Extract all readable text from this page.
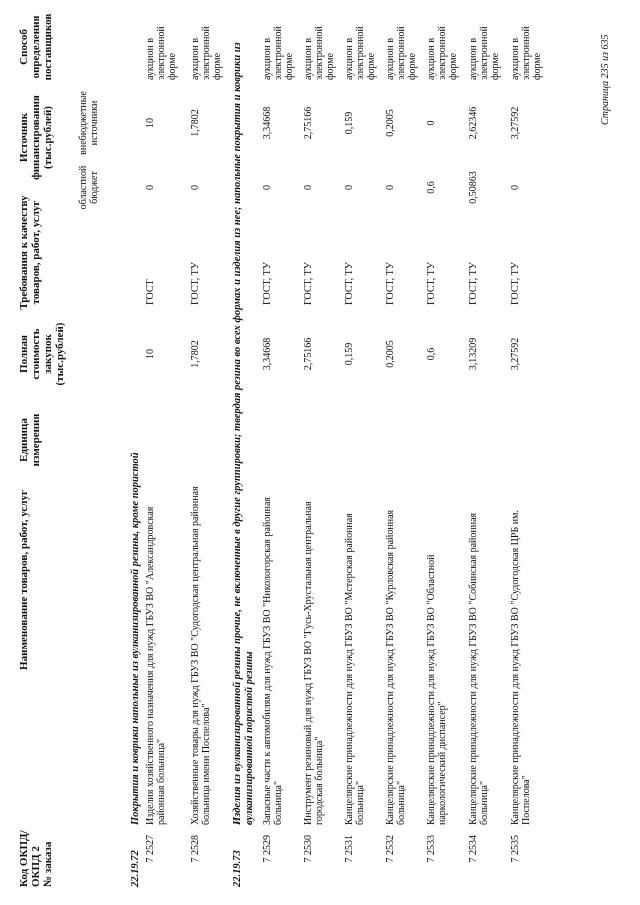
Код ОКПД/ ОКПД 2
№ заказа
Наименование товаров, работ, услуг
Единица измерения
Полная стоимость закупок (тыс.рублей)
Требования к качеству товаров, работ, услуг
Источник финансирования (тыс.рублей)
областной бюджет
внебюджетные источники
Способ определения поставщиков
22.19.72
Покрытия и коврики напольные из вулканизированной резины, кроме пористой
7 2527
Изделия хозяйственного назначения для нужд ГБУЗ ВО "Александровская районная больница"
10
ГОСТ
0
10
аукцион в электронной форме
7 2528
Хозяйственные товары для нужд ГБУЗ ВО "Судогодская центральная районная больница имени Поспелова"
1,7802
ГОСТ, ТУ
0
1,7802
аукцион в электронной форме
22.19.73
Изделия из вулканизированной резины прочие, не включенные в другие группировки; твердая резина во всех формах и изделия из нее; напольные покрытия и коврики из вулканизированной пористой резины
7 2529
Запасные части к автомобилям для нужд ГБУЗ ВО "Никологорская районная больница"
3,34668
ГОСТ, ТУ
0
3,34668
аукцион в электронной форме
7 2530
Инструмент резиновый для нужд ГБУЗ ВО "Гусь-Хрустальная центральная городская больница"
2,75166
ГОСТ, ТУ
0
2,75166
аукцион в электронной форме
7 2531
Канцелярские принадлежности для нужд ГБУЗ ВО "Мстерская районная больница"
0,159
ГОСТ, ТУ
0
0,159
аукцион в электронной форме
7 2532
Канцелярские принадлежности для нужд ГБУЗ ВО "Курловская районная больница"
0,2005
ГОСТ, ТУ
0
0,2005
аукцион в электронной форме
7 2533
Канцелярские принадлежности для нужд ГБУЗ ВО "Областной наркологический диспансер"
0,6
ГОСТ, ТУ
0,6
0
аукцион в электронной форме
7 2534
Канцелярские принадлежности для нужд ГБУЗ ВО "Собинская районная больница"
3,13209
ГОСТ, ТУ
0,50863
2,62346
аукцион в электронной форме
7 2535
Канцелярские принадлежности для нужд ГБУЗ ВО "Судогодская ЦРБ им. Поспелова"
3,27592
ГОСТ, ТУ
0
3,27592
аукцион в электронной форме	Страница 235 из 635
